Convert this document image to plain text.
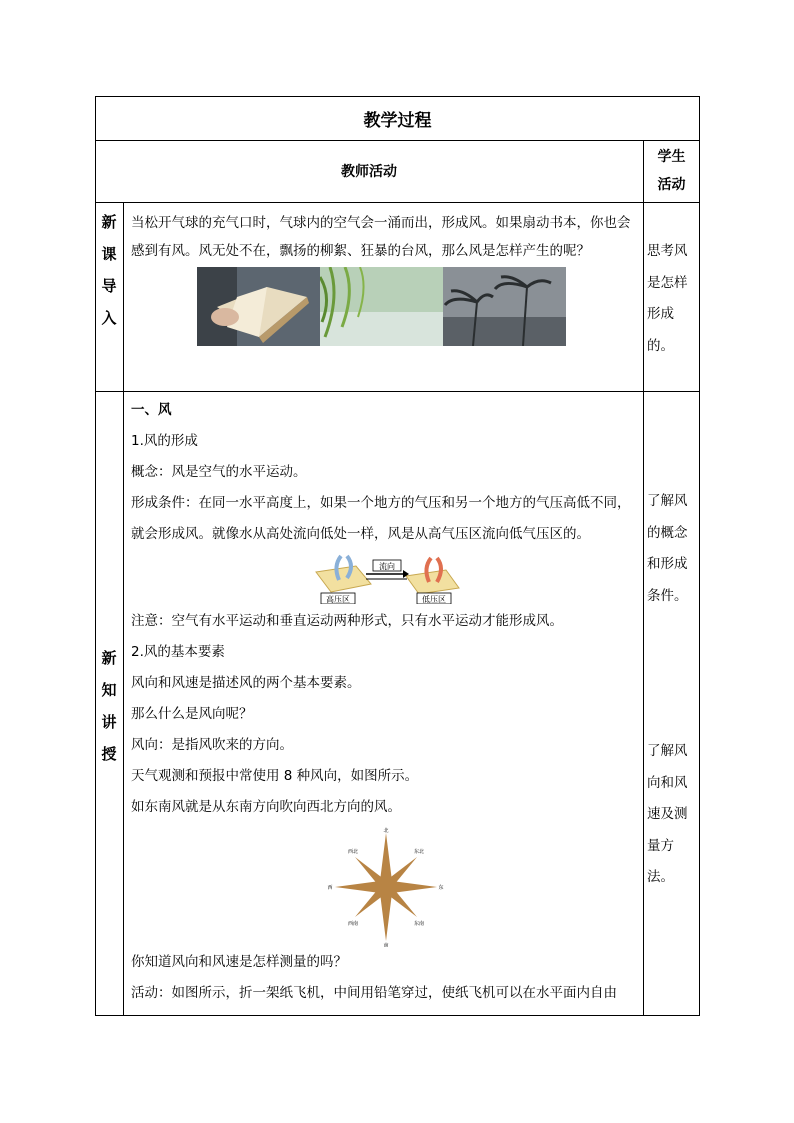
教学过程
教师活动
学生
活动
新
课
导
入

当松开气球的充气口时，气球内的空气会一涌而出，形成风。如果扇动书本，你也会感到有风。风无处不在，飘扬的柳絮、狂暴的台风，那么风是怎样产生的呢？	思考风

是怎样

形成

的。

新
知
讲
授

一、风

1.风的形成

概念：风是空气的水平运动。

形成条件：在同一水平高度上，如果一个地方的气压和另一个地方的气压高低不同，就会形成风。就像水从高处流向低处一样，风是从高气压区流向低气压区的。

流向
高压区	低压区

注意：空气有水平运动和垂直运动两种形式，只有水平运动才能形成风。

2.风的基本要素

风向和风速是描述风的两个基本要素。

那么什么是风向呢？

风向：是指风吹来的方向。

天气观测和预报中常使用 8 种风向，如图所示。

如东南风就是从东南方向吹向西北方向的风。

北
南
东
西
东北
西北
东南
西南

你知道风向和风速是怎样测量的吗？

活动：如图所示，折一架纸飞机，中间用铅笔穿过，使纸飞机可以在水平面内自由

了解风

的概念

和形成

条件。

了解风

向和风

速及测

量方

法。
